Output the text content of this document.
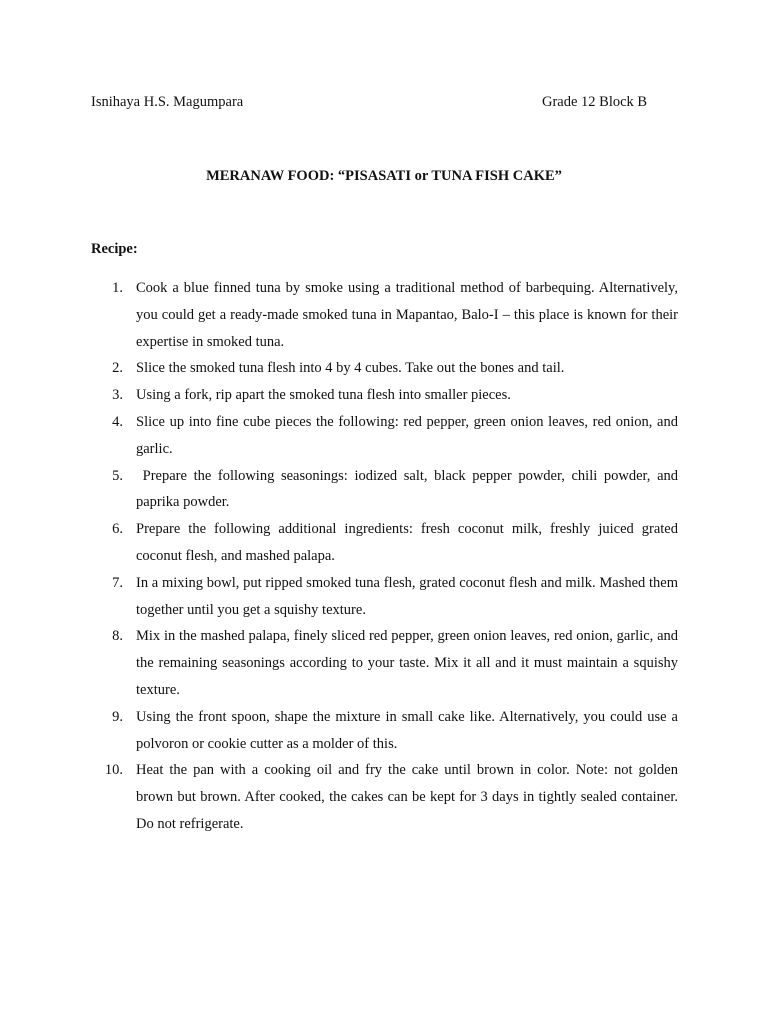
Isnihaya H.S. Magumpara	Grade 12 Block B
MERANAW FOOD: “PISASATI or TUNA FISH CAKE”
Recipe:
1. Cook a blue finned tuna by smoke using a traditional method of barbequing. Alternatively, you could get a ready-made smoked tuna in Mapantao, Balo-I – this place is known for their expertise in smoked tuna.
2. Slice the smoked tuna flesh into 4 by 4 cubes. Take out the bones and tail.
3. Using a fork, rip apart the smoked tuna flesh into smaller pieces.
4. Slice up into fine cube pieces the following: red pepper, green onion leaves, red onion, and garlic.
5. Prepare the following seasonings: iodized salt, black pepper powder, chili powder, and paprika powder.
6. Prepare the following additional ingredients: fresh coconut milk, freshly juiced grated coconut flesh, and mashed palapa.
7. In a mixing bowl, put ripped smoked tuna flesh, grated coconut flesh and milk. Mashed them together until you get a squishy texture.
8. Mix in the mashed palapa, finely sliced red pepper, green onion leaves, red onion, garlic, and the remaining seasonings according to your taste. Mix it all and it must maintain a squishy texture.
9. Using the front spoon, shape the mixture in small cake like. Alternatively, you could use a polvoron or cookie cutter as a molder of this.
10. Heat the pan with a cooking oil and fry the cake until brown in color. Note: not golden brown but brown. After cooked, the cakes can be kept for 3 days in tightly sealed container. Do not refrigerate.
